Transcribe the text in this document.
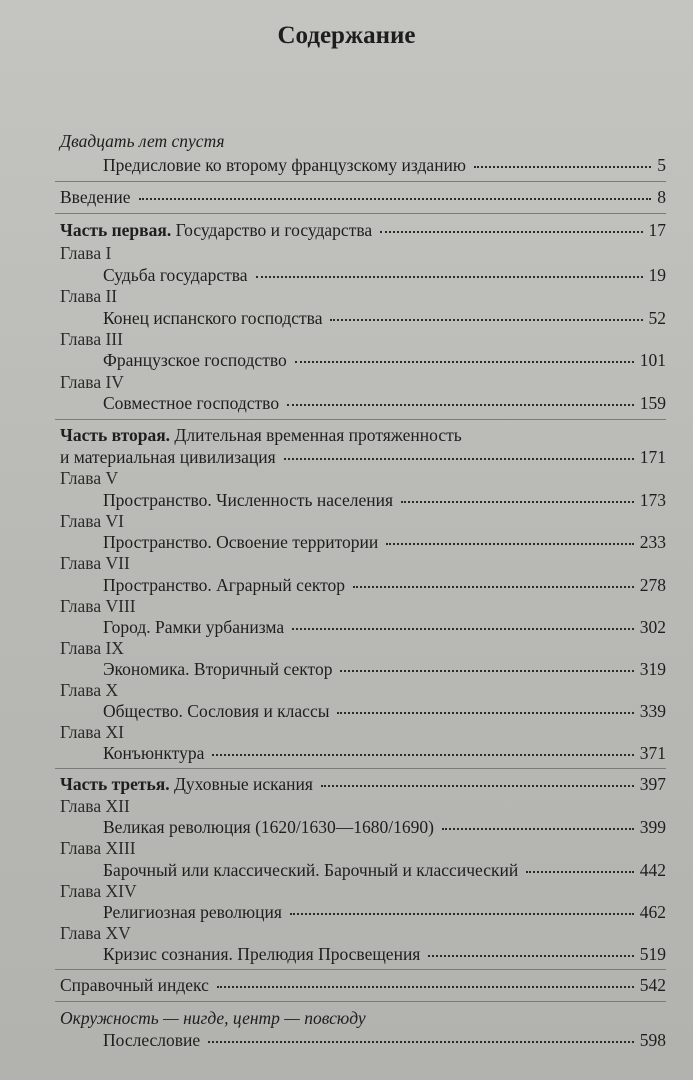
Содержание
Двадцать лет спустя
Предисловие ко второму французскому изданию	5
Введение	8
Часть первая. Государство и государства	17
Глава I
Судьба государства	19
Глава II
Конец испанского господства	52
Глава III
Французское господство	101
Глава IV
Совместное господство	159
Часть вторая. Длительная временная протяженность
и материальная цивилизация	171
Глава V
Пространство. Численность населения	173
Глава VI
Пространство. Освоение территории	233
Глава VII
Пространство. Аграрный сектор	278
Глава VIII
Город. Рамки урбанизма	302
Глава IX
Экономика. Вторичный сектор	319
Глава X
Общество. Сословия и классы	339
Глава XI
Конъюнктура	371
Часть третья. Духовные искания	397
Глава XII
Великая революция (1620/1630—1680/1690)	399
Глава XIII
Барочный или классический. Барочный и классический	442
Глава XIV
Религиозная революция	462
Глава XV
Кризис сознания. Прелюдия Просвещения	519
Справочный индекс	542
Окружность — нигде, центр — повсюду
Послесловие	598
